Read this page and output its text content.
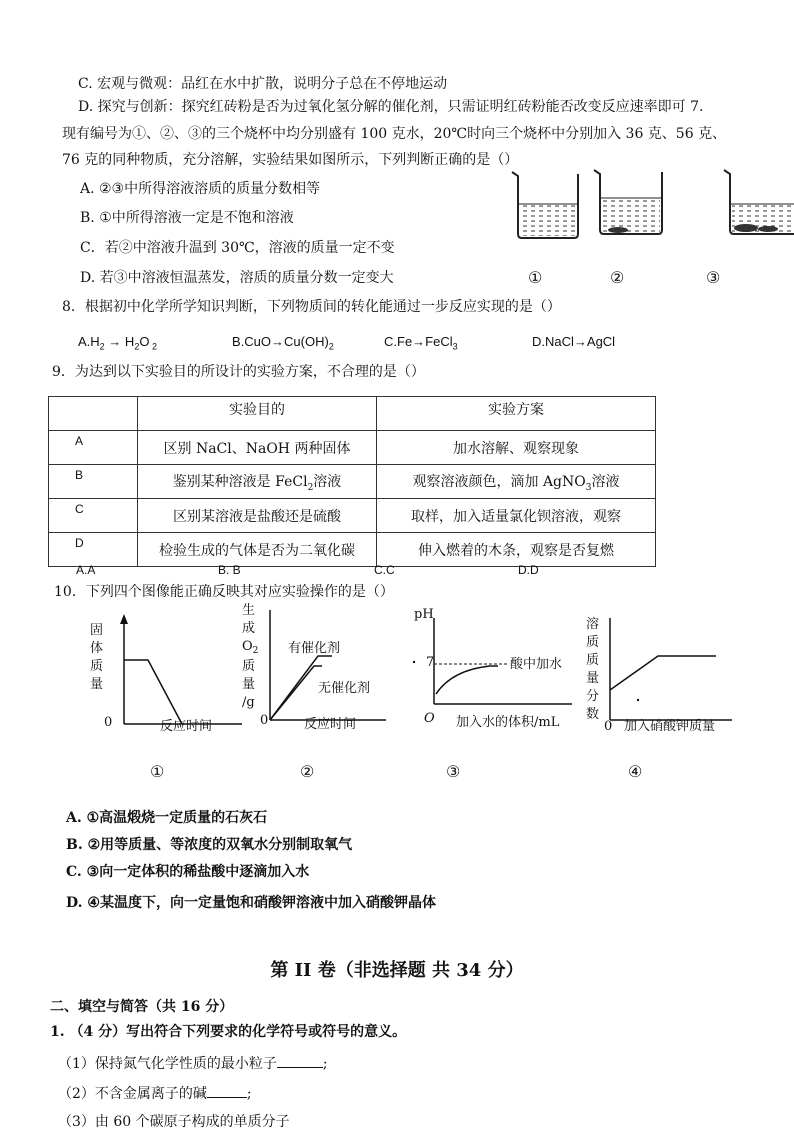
C. 宏观与微观：品红在水中扩散，说明分子总在不停地运动
D. 探究与创新：探究红砖粉是否为过氧化氢分解的催化剂，只需证明红砖粉能否改变反应速率即可 7.
现有编号为①、②、③的三个烧杯中均分别盛有 100 克水，20℃时向三个烧杯中分别加入 36 克、56 克、
76 克的同种物质，充分溶解，实验结果如图所示，下列判断正确的是（）
A. ②③中所得溶液溶质的质量分数相等
B. ①中所得溶液一定是不饱和溶液
C．若②中溶液升温到 30℃，溶液的质量一定不变
D. 若③中溶液恒温蒸发，溶质的质量分数一定变大	①	②	③
8．根据初中化学所学知识判断，下列物质间的转化能通过一步反应实现的是（）
$A.H_2 \to H_2O$ $_2$	$B.CuO\to Cu(OH)_2$	C.Fe→FeCl$_3$	D.NaCl→AgCl
9．为达到以下实验目的所设计的实验方案，不合理的是（）
	实验目的	实验方案
A	区别 NaCl、NaOH 两种固体	加水溶解、观察现象
B	鉴别某种溶液是 FeCl$_2$溶液	观察溶液颜色，滴加 AgNO$_3$溶液
C	区别某溶液是盐酸还是硫酸	取样，加入适量氯化钡溶液，观察
D	检验生成的气体是否为二氧化碳	伸入燃着的木条，观察是否复燃
A.A	B. B	C.C	D.D
10．下列四个图像能正确反映其对应实验操作的是（）
固
体
质
量
0	反应时间
生
成
$O_2$
质
量
/g
0	反应时间
有催化剂
无催化剂
pH
7
O 加入水的体积/mL
酸中加水
溶
质
质
量
分
数
0 加入硝酸钾质量
①	②	③	④
A. ①高温煅烧一定质量的石灰石
B. ②用等质量、等浓度的双氧水分别制取氧气
C. ③向一定体积的稀盐酸中逐滴加入水
D. ④某温度下，向一定量饱和硝酸钾溶液中加入硝酸钾晶体
第 II 卷（非选择题 共 34 分）
二、填空与简答（共 16 分）
1. （4 分）写出符合下列要求的化学符号或符号的意义。
（1）保持氮气化学性质的最小粒子	;
（2）不含金属离子的碱	;
（3）由 60 个碳原子构成的单质分子
